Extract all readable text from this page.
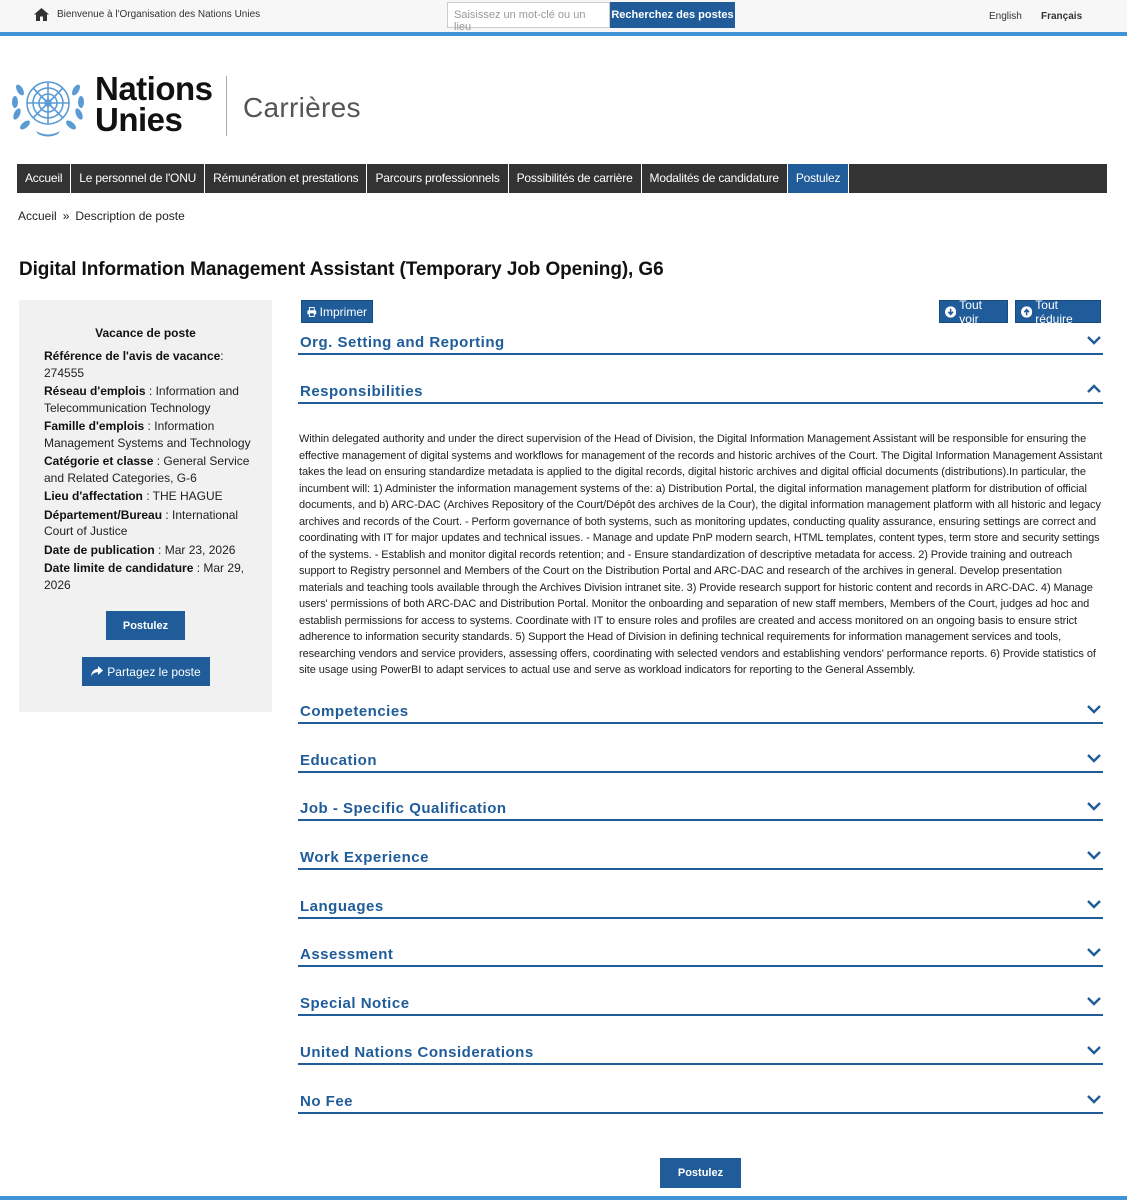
Bienvenue à l'Organisation des Nations Unies	Saisissez un mot-clé ou un lieu
Recherchez des postes	English Français
Nations
Unies	Carrières
Accueil	Le personnel de l'ONU	Rémunération et prestations	Parcours professionnels	Possibilités de carrière	Modalités de candidature	Postulez
Accueil » Description de poste
Digital Information Management Assistant (Temporary Job Opening), G6
Vacance de poste
Référence de l'avis de vacance: 274555
Réseau d'emplois : Information and Telecommunication Technology
Famille d'emplois : Information Management Systems and Technology
Catégorie et classe : General Service and Related Categories, G-6
Lieu d'affectation : THE HAGUE
Département/Bureau : International Court of Justice
Date de publication : Mar 23, 2026
Date limite de candidature : Mar 29, 2026
Postulez
Partagez le poste
Imprimer	Tout voir
Tout réduire
Org. Setting and Reporting
Responsibilities
Competencies
Education
Job - Specific Qualification
Work Experience
Languages
Assessment
Special Notice
United Nations Considerations
No Fee
Within delegated authority and under the direct supervision of the Head of Division, the Digital Information Management Assistant will be responsible for ensuring the effective management of digital systems and workflows for management of the records and historic archives of the Court. The Digital Information Management Assistant takes the lead on ensuring standardize metadata is applied to the digital records, digital historic archives and digital official documents (distributions).In particular, the incumbent will: 1) Administer the information management systems of the: a) Distribution Portal, the digital information management platform for distribution of official documents, and b) ARC-DAC (Archives Repository of the Court/Dépôt des archives de la Cour), the digital information management platform with all historic and legacy archives and records of the Court. - Perform governance of both systems, such as monitoring updates, conducting quality assurance, ensuring settings are correct and coordinating with IT for major updates and technical issues. - Manage and update PnP modern search, HTML templates, content types, term store and security settings of the systems. - Establish and monitor digital records retention; and - Ensure standardization of descriptive metadata for access. 2) Provide training and outreach support to Registry personnel and Members of the Court on the Distribution Portal and ARC-DAC and research of the archives in general. Develop presentation materials and teaching tools available through the Archives Division intranet site. 3) Provide research support for historic content and records in ARC-DAC. 4) Manage users' permissions of both ARC-DAC and Distribution Portal. Monitor the onboarding and separation of new staff members, Members of the Court, judges ad hoc and establish permissions for access to systems. Coordinate with IT to ensure roles and profiles are created and access monitored on an ongoing basis to ensure strict adherence to information security standards. 5) Support the Head of Division in defining technical requirements for information management services and tools, researching vendors and service providers, assessing offers, coordinating with selected vendors and establishing vendors' performance reports. 6) Provide statistics of site usage using PowerBI to adapt services to actual use and serve as workload indicators for reporting to the General Assembly.
Postulez
